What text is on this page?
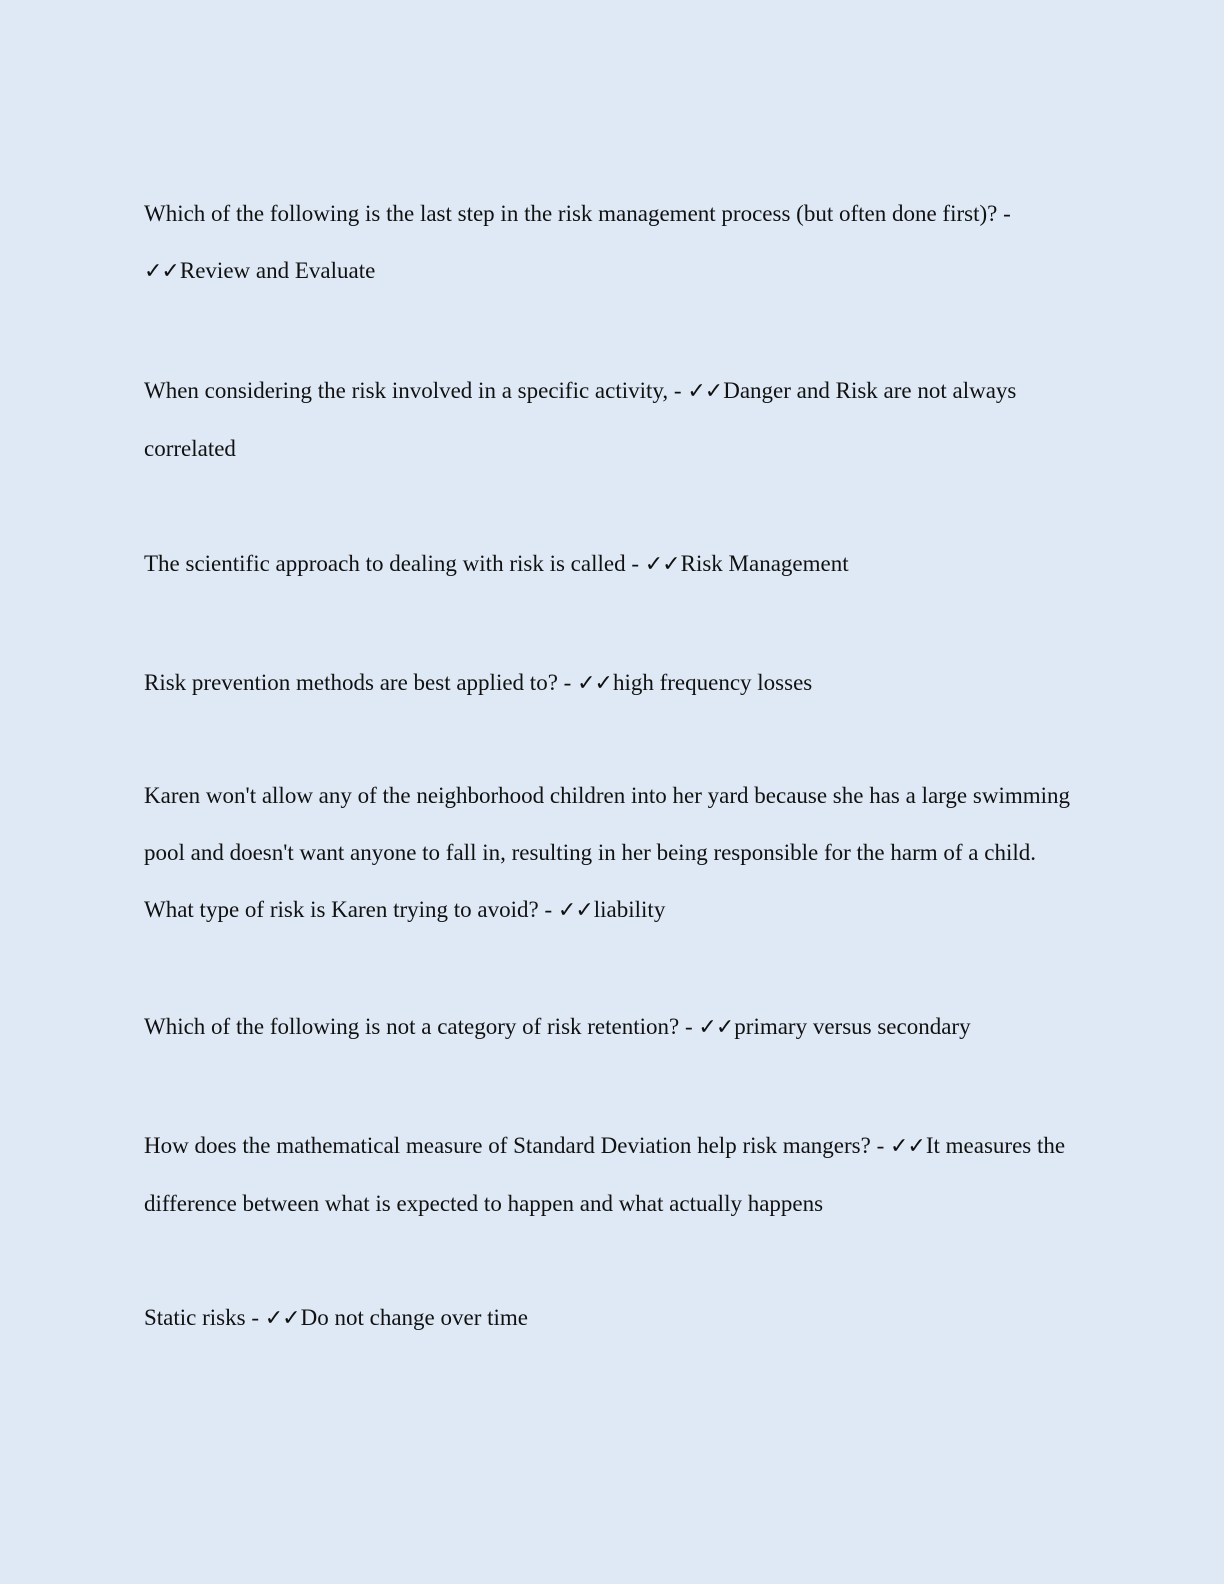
Which of the following is the last step in the risk management process (but often done first)? - ✓✓Review and Evaluate

When considering the risk involved in a specific activity, - ✓✓Danger and Risk are not always correlated

The scientific approach to dealing with risk is called - ✓✓Risk Management

Risk prevention methods are best applied to? - ✓✓high frequency losses

Karen won't allow any of the neighborhood children into her yard because she has a large swimming pool and doesn't want anyone to fall in, resulting in her being responsible for the harm of a child. What type of risk is Karen trying to avoid? - ✓✓liability

Which of the following is not a category of risk retention? - ✓✓primary versus secondary

How does the mathematical measure of Standard Deviation help risk mangers? - ✓✓It measures the difference between what is expected to happen and what actually happens

Static risks - ✓✓Do not change over time
